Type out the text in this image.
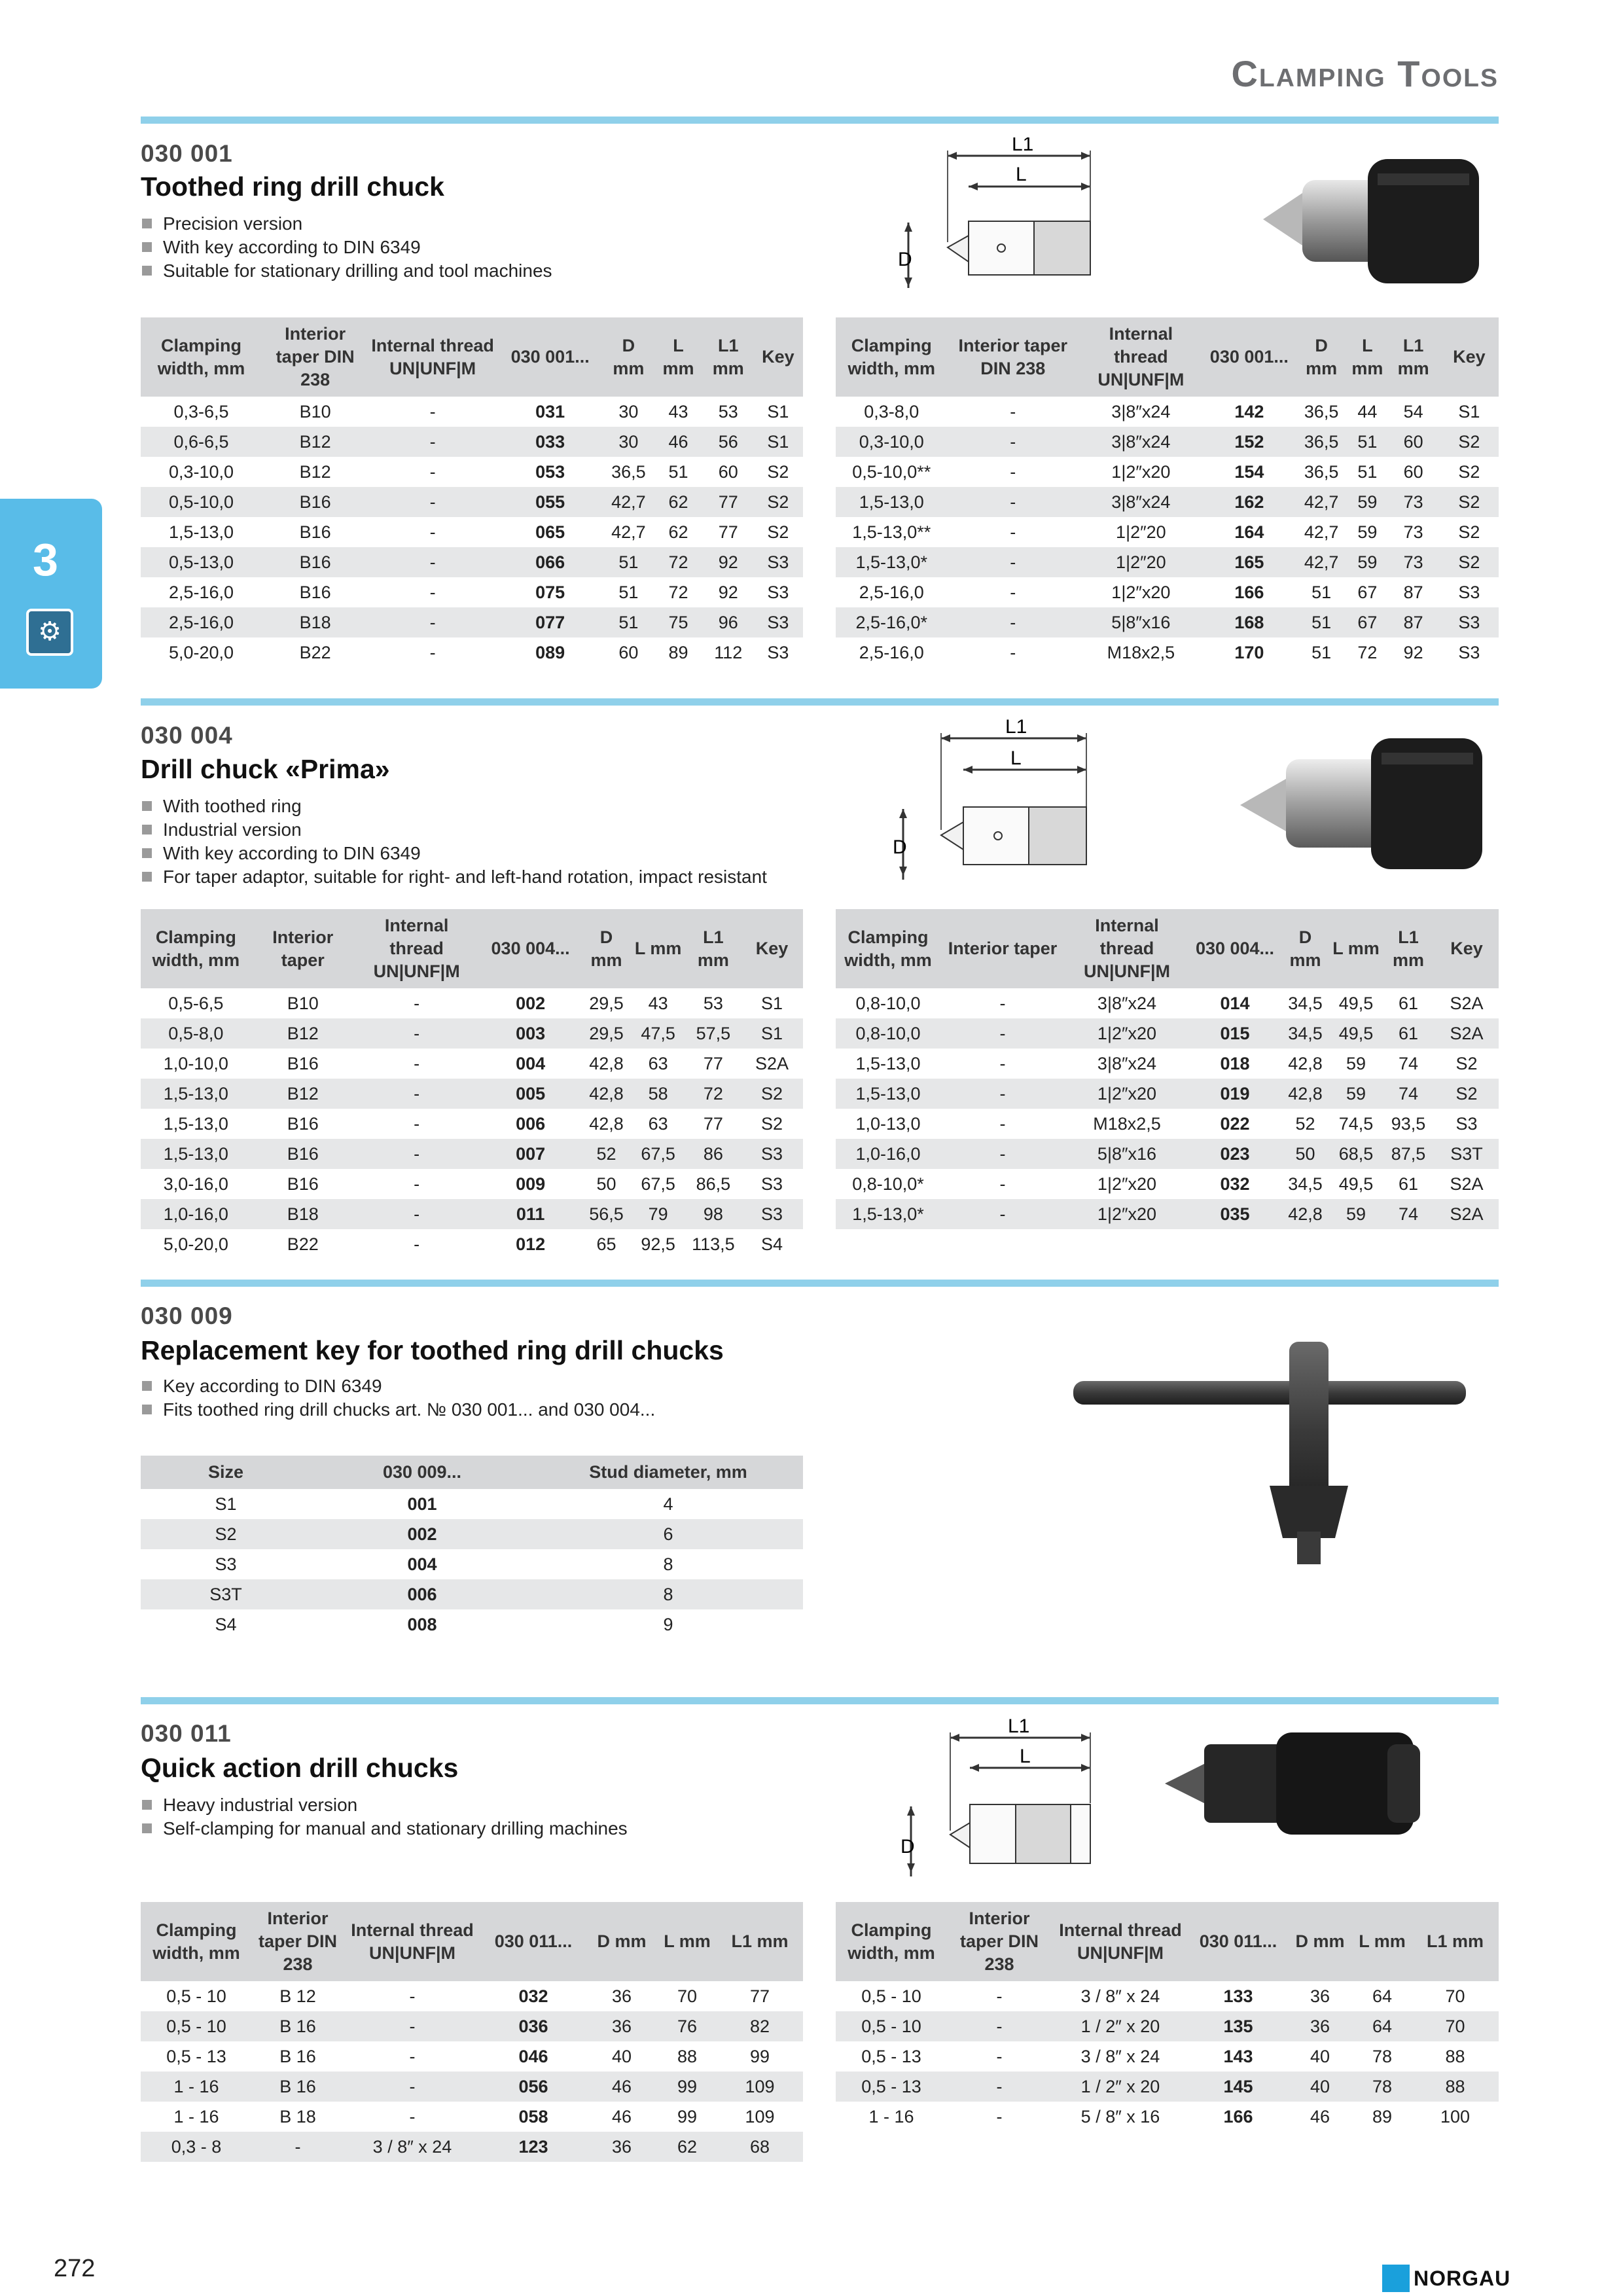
Clamping Tools
3
⚙
030 001
Toothed ring drill chuck
Precision version
With key according to DIN 6349
Suitable for stationary drilling and tool machines
L1
L
D
Clamping width, mm	Interior taper DIN 238	Internal thread UN|UNF|M	030 001...	D mm	L mm	L1 mm	Key
0,3-6,5	B10	-	031	30	43	53	S1
0,6-6,5	B12	-	033	30	46	56	S1
0,3-10,0	B12	-	053	36,5	51	60	S2
0,5-10,0	B16	-	055	42,7	62	77	S2
1,5-13,0	B16	-	065	42,7	62	77	S2
0,5-13,0	B16	-	066	51	72	92	S3
2,5-16,0	B16	-	075	51	72	92	S3
2,5-16,0	B18	-	077	51	75	96	S3
5,0-20,0	B22	-	089	60	89	112	S3
Clamping width, mm	Interior taper DIN 238	Internal thread UN|UNF|M	030 001...	D mm	L mm	L1 mm	Key
0,3-8,0	-	3|8″x24	142	36,5	44	54	S1
0,3-10,0	-	3|8″x24	152	36,5	51	60	S2
0,5-10,0**	-	1|2″x20	154	36,5	51	60	S2
1,5-13,0	-	3|8″x24	162	42,7	59	73	S2
1,5-13,0**	-	1|2″20	164	42,7	59	73	S2
1,5-13,0*	-	1|2″20	165	42,7	59	73	S2
2,5-16,0	-	1|2″x20	166	51	67	87	S3
2,5-16,0*	-	5|8″x16	168	51	67	87	S3
2,5-16,0	-	M18x2,5	170	51	72	92	S3
030 004
Drill chuck «Prima»
With toothed ring
Industrial version
With key according to DIN 6349
For taper adaptor, suitable for right- and left-hand rotation, impact resistant
L1
L
D
Clamping width, mm	Interior taper	Internal thread UN|UNF|M	030 004...	D mm	L mm	L1 mm	Key
0,5-6,5	B10	-	002	29,5	43	53	S1
0,5-8,0	B12	-	003	29,5	47,5	57,5	S1
1,0-10,0	B16	-	004	42,8	63	77	S2A
1,5-13,0	B12	-	005	42,8	58	72	S2
1,5-13,0	B16	-	006	42,8	63	77	S2
1,5-13,0	B16	-	007	52	67,5	86	S3
3,0-16,0	B16	-	009	50	67,5	86,5	S3
1,0-16,0	B18	-	011	56,5	79	98	S3
5,0-20,0	B22	-	012	65	92,5	113,5	S4
Clamping width, mm	Interior taper	Internal thread UN|UNF|M	030 004...	D mm	L mm	L1 mm	Key
0,8-10,0	-	3|8″x24	014	34,5	49,5	61	S2A
0,8-10,0	-	1|2″x20	015	34,5	49,5	61	S2A
1,5-13,0	-	3|8″x24	018	42,8	59	74	S2
1,5-13,0	-	1|2″x20	019	42,8	59	74	S2
1,0-13,0	-	M18x2,5	022	52	74,5	93,5	S3
1,0-16,0	-	5|8″x16	023	50	68,5	87,5	S3T
0,8-10,0*	-	1|2″x20	032	34,5	49,5	61	S2A
1,5-13,0*	-	1|2″x20	035	42,8	59	74	S2A
030 009
Replacement key for toothed ring drill chucks
Key according to DIN 6349
Fits toothed ring drill chucks art. № 030 001... and 030 004...
Size	030 009...	Stud diameter, mm
S1	001	4
S2	002	6
S3	004	8
S3T	006	8
S4	008	9
030 011
Quick action drill chucks
Heavy industrial version
Self-clamping for manual and stationary drilling machines
L1
L
D
Clamping width, mm	Interior taper DIN 238	Internal thread UN|UNF|M	030 011...	D mm	L mm	L1 mm
0,5 - 10	B 12	-	032	36	70	77
0,5 - 10	B 16	-	036	36	76	82
0,5 - 13	B 16	-	046	40	88	99
1 - 16	B 16	-	056	46	99	109
1 - 16	B 18	-	058	46	99	109
0,3 - 8	-	3 / 8″ x 24	123	36	62	68
Clamping width, mm	Interior taper DIN 238	Internal thread UN|UNF|M	030 011...	D mm	L mm	L1 mm
0,5 - 10	-	3 / 8″ x 24	133	36	64	70
0,5 - 10	-	1 / 2″ x 20	135	36	64	70
0,5 - 13	-	3 / 8″ x 24	143	40	78	88
0,5 - 13	-	1 / 2″ x 20	145	40	78	88
1 - 16	-	5 / 8″ x 16	166	46	89	100
272	NORGAU
